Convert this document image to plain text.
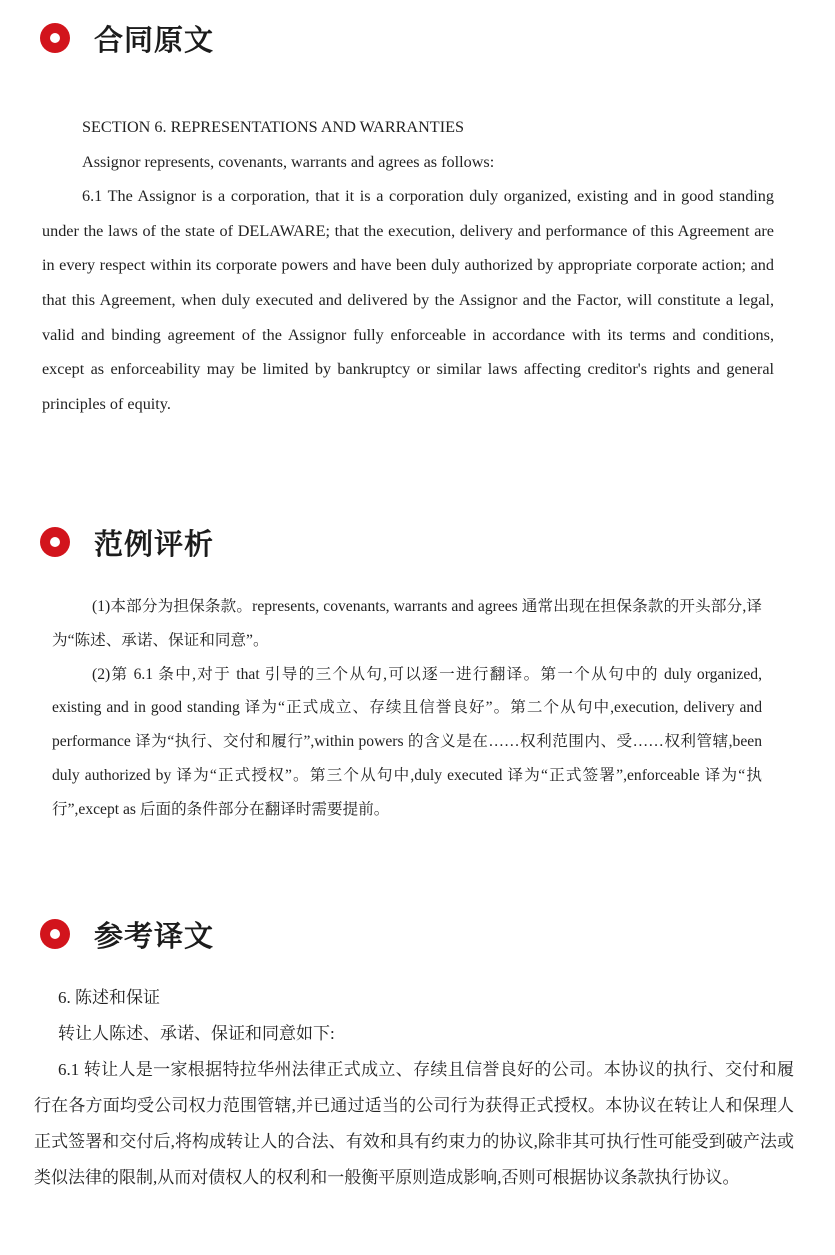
合同原文

SECTION 6. REPRESENTATIONS AND WARRANTIES

Assignor represents, covenants, warrants and agrees as follows:

6.1 The Assignor is a corporation, that it is a corporation duly organized, existing and in good standing under the laws of the state of DELAWARE; that the execution, delivery and performance of this Agreement are in every respect within its corporate powers and have been duly authorized by appropriate corporate action; and that this Agreement, when duly executed and delivered by the Assignor and the Factor, will constitute a legal, valid and binding agreement of the Assignor fully enforceable in accordance with its terms and conditions, except as enforceability may be limited by bankruptcy or similar laws affecting creditor's rights and general principles of equity.

范例评析

(1)本部分为担保条款。represents, covenants, warrants and agrees 通常出现在担保条款的开头部分,译为“陈述、承诺、保证和同意”。

(2)第 6.1 条中,对于 that 引导的三个从句,可以逐一进行翻译。第一个从句中的 duly organized, existing and in good standing 译为“正式成立、存续且信誉良好”。第二个从句中,execution, delivery and performance 译为“执行、交付和履行”,within powers 的含义是在……权利范围内、受……权利管辖,been duly authorized by 译为“正式授权”。第三个从句中,duly executed 译为“正式签署”,enforceable 译为“执行”,except as 后面的条件部分在翻译时需要提前。

参考译文

6. 陈述和保证

转让人陈述、承诺、保证和同意如下:

6.1 转让人是一家根据特拉华州法律正式成立、存续且信誉良好的公司。本协议的执行、交付和履行在各方面均受公司权力范围管辖,并已通过适当的公司行为获得正式授权。本协议在转让人和保理人正式签署和交付后,将构成转让人的合法、有效和具有约束力的协议,除非其可执行性可能受到破产法或类似法律的限制,从而对债权人的权利和一般衡平原则造成影响,否则可根据协议条款执行协议。
